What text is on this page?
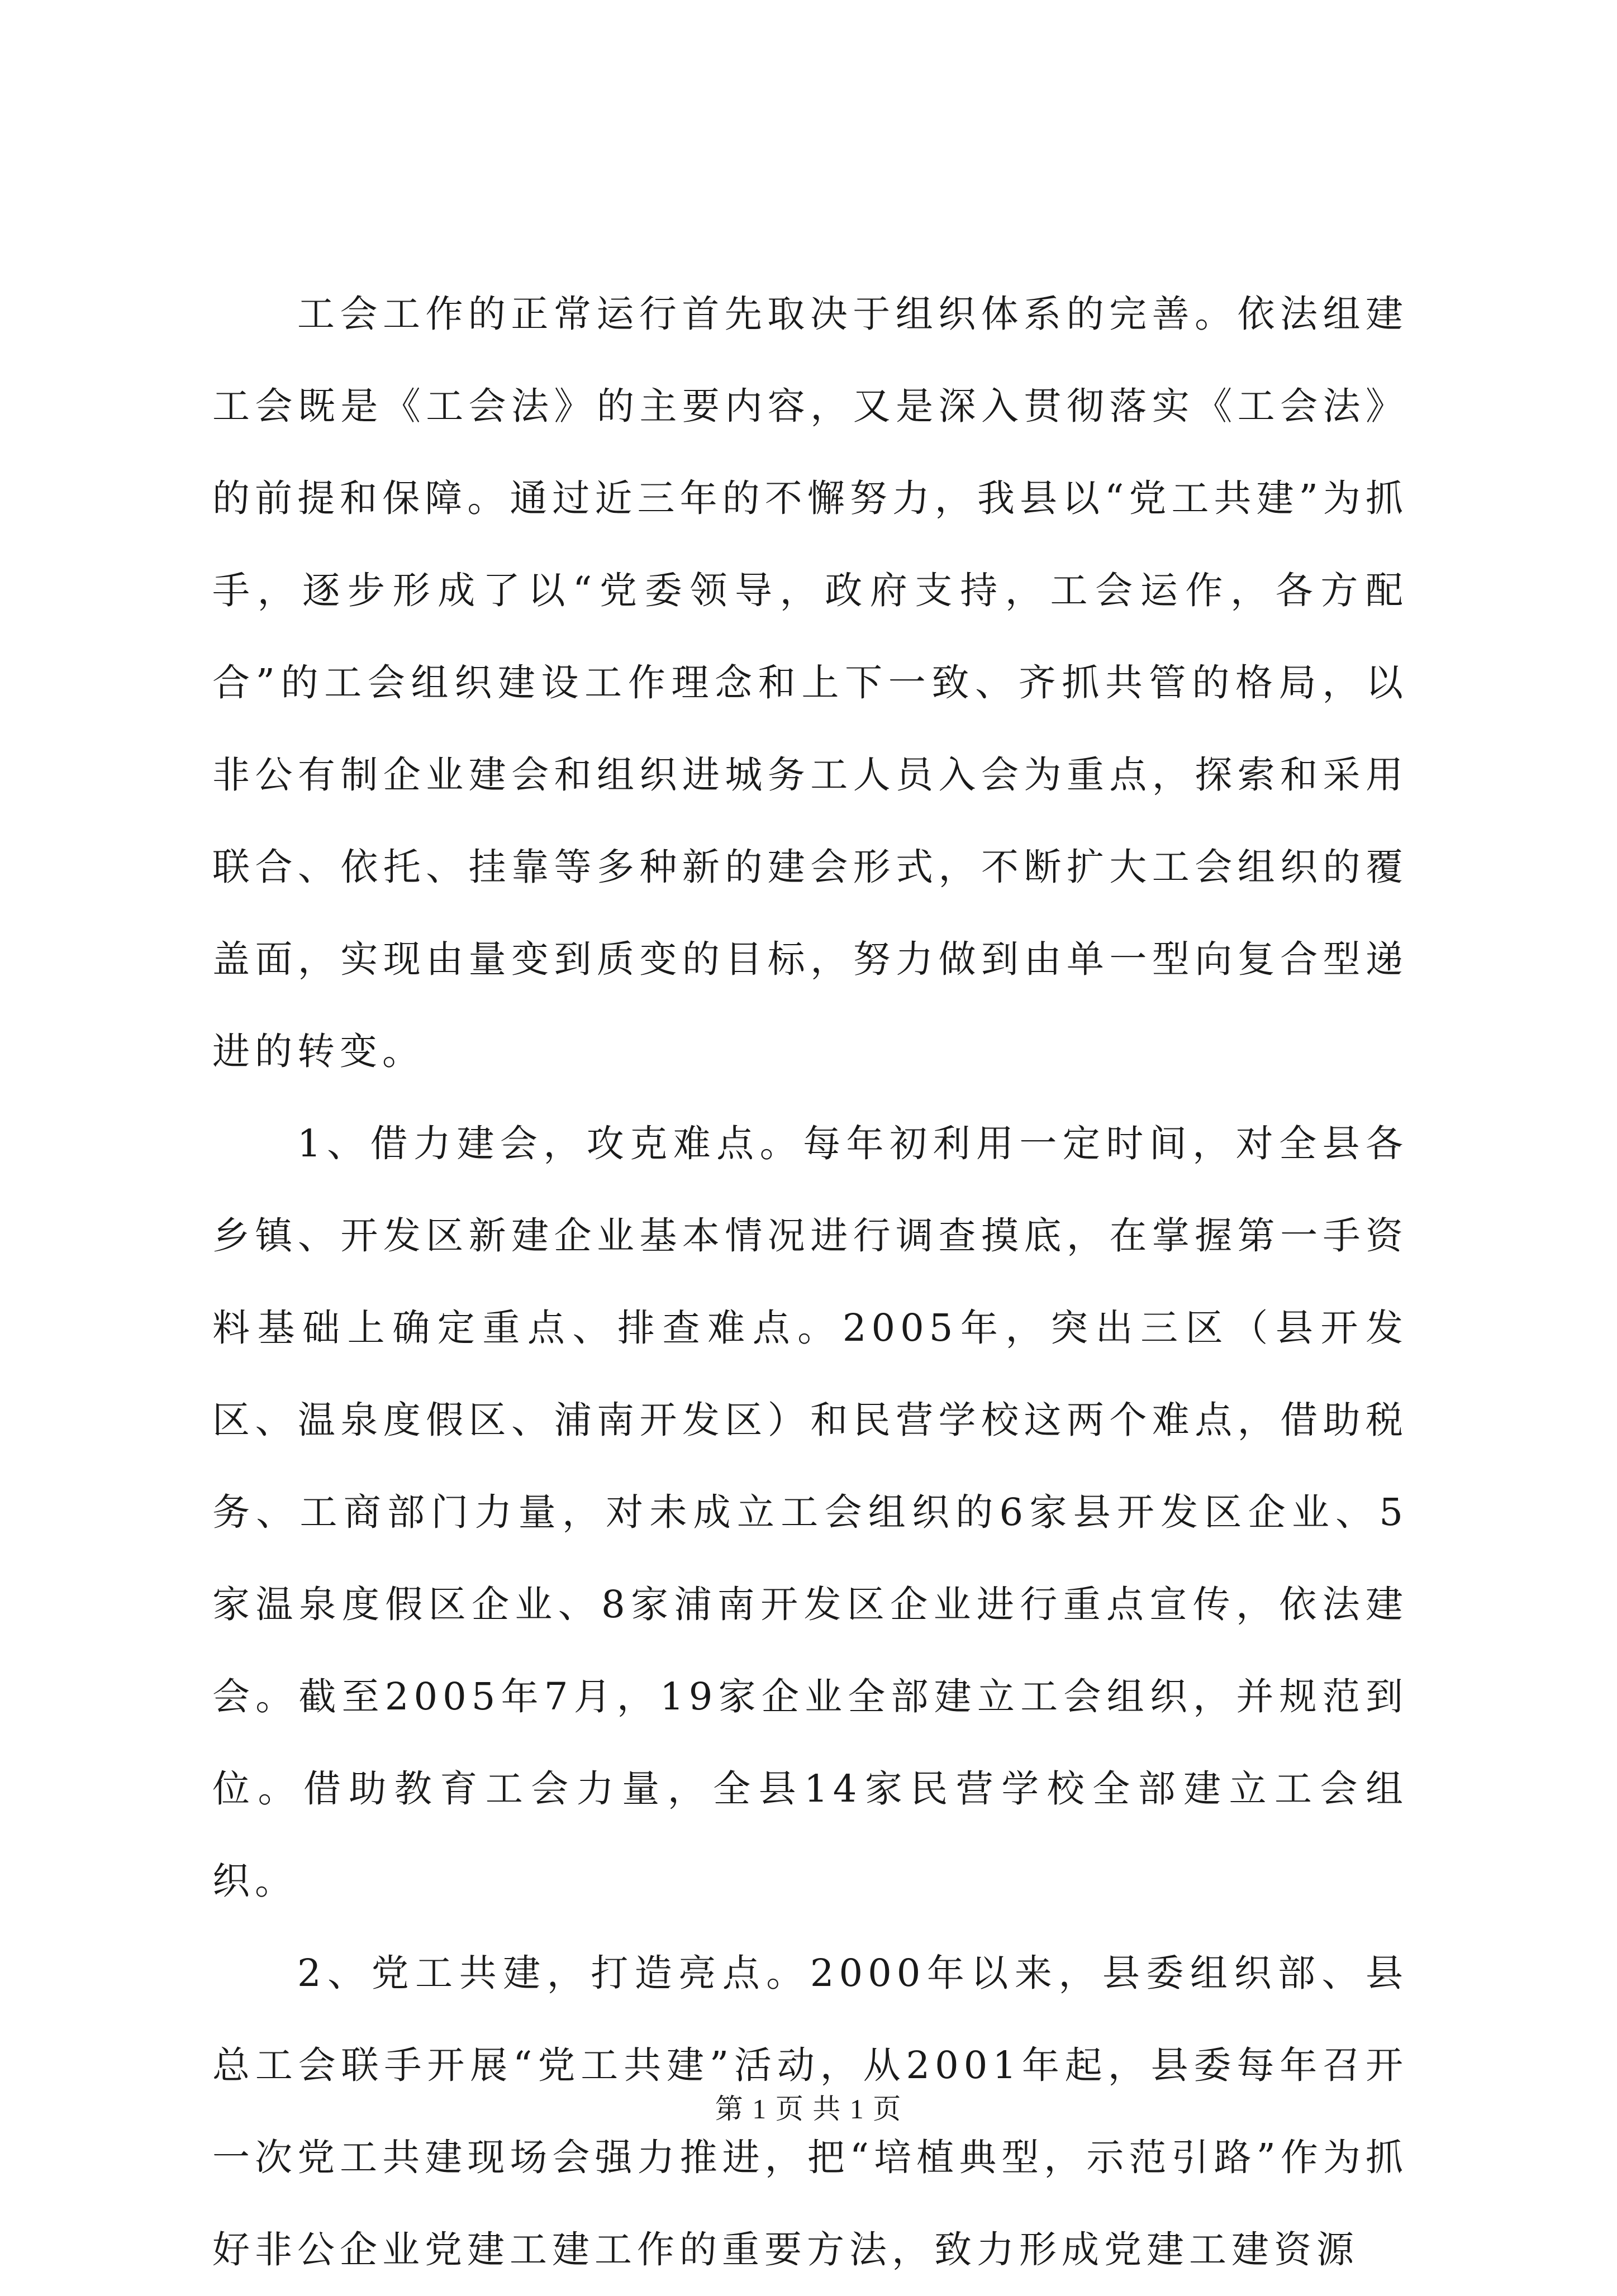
工会工作的正常运行首先取决于组织体系的完善。依法组建工会既是《工会法》的主要内容，又是深入贯彻落实《工会法》的前提和保障。通过近三年的不懈努力，我县以“党工共建”为抓手，逐步形成了以“党委领导，政府支持，工会运作，各方配合”的工会组织建设工作理念和上下一致、齐抓共管的格局，以非公有制企业建会和组织进城务工人员入会为重点，探索和采用联合、依托、挂靠等多种新的建会形式，不断扩大工会组织的覆盖面，实现由量变到质变的目标，努力做到由单一型向复合型递进的转变。

1、借力建会，攻克难点。每年初利用一定时间，对全县各乡镇、开发区新建企业基本情况进行调查摸底，在掌握第一手资料基础上确定重点、排查难点。2005年，突出三区（县开发区、温泉度假区、浦南开发区）和民营学校这两个难点，借助税务、工商部门力量，对未成立工会组织的6家县开发区企业、5家温泉度假区企业、8家浦南开发区企业进行重点宣传，依法建会。截至2005年7月，19家企业全部建立工会组织，并规范到位。借助教育工会力量，全县14家民营学校全部建立工会组织。

2、党工共建，打造亮点。2000年以来，县委组织部、县总工会联手开展“党工共建”活动，从2001年起，县委每年召开一次党工共建现场会强力推进，把“培植典型，示范引路”作为抓好非公企业党建工建工作的重要方法，致力形成党建工建资源

第 1 页 共 1 页
